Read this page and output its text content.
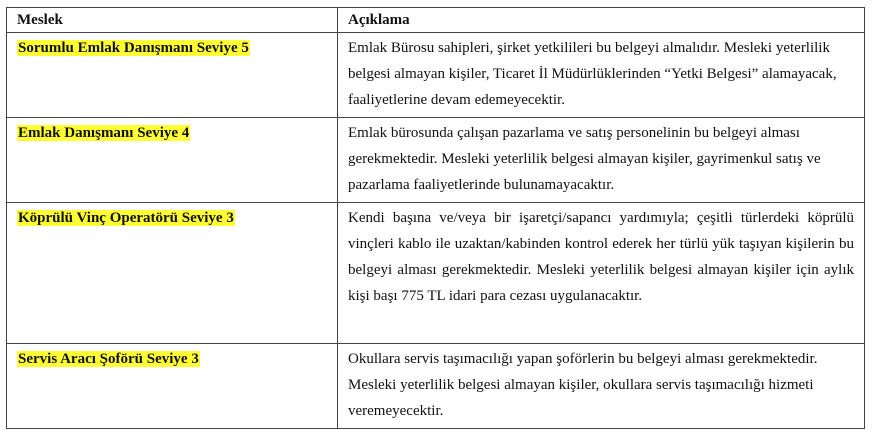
Meslek	Açıklama
Sorumlu Emlak Danışmanı Seviye 5	Emlak Bürosu sahipleri, şirket yetkilileri bu belgeyi almalıdır. Mesleki yeterlilik belgesi almayan kişiler, Ticaret İl Müdürlüklerinden “Yetki Belgesi” alamayacak, faaliyetlerine devam edemeyecektir.
Emlak Danışmanı Seviye 4	Emlak bürosunda çalışan pazarlama ve satış personelinin bu belgeyi alması gerekmektedir. Mesleki yeterlilik belgesi almayan kişiler, gayrimenkul satış ve pazarlama faaliyetlerinde bulunamayacaktır.
Köprülü Vinç Operatörü Seviye 3	Kendi başına ve/veya bir işaretçi/sapancı yardımıyla; çeşitli türlerdeki köprülü vinçleri kablo ile uzaktan/kabinden kontrol ederek her türlü yük taşıyan kişilerin bu belgeyi alması gerekmektedir. Mesleki yeterlilik belgesi almayan kişiler için aylık kişi başı 775 TL idari para cezası uygulanacaktır.
Servis Aracı Şoförü Seviye 3	Okullara servis taşımacılığı yapan şoförlerin bu belgeyi alması gerekmektedir. Mesleki yeterlilik belgesi almayan kişiler, okullara servis taşımacılığı hizmeti veremeyecektir.
